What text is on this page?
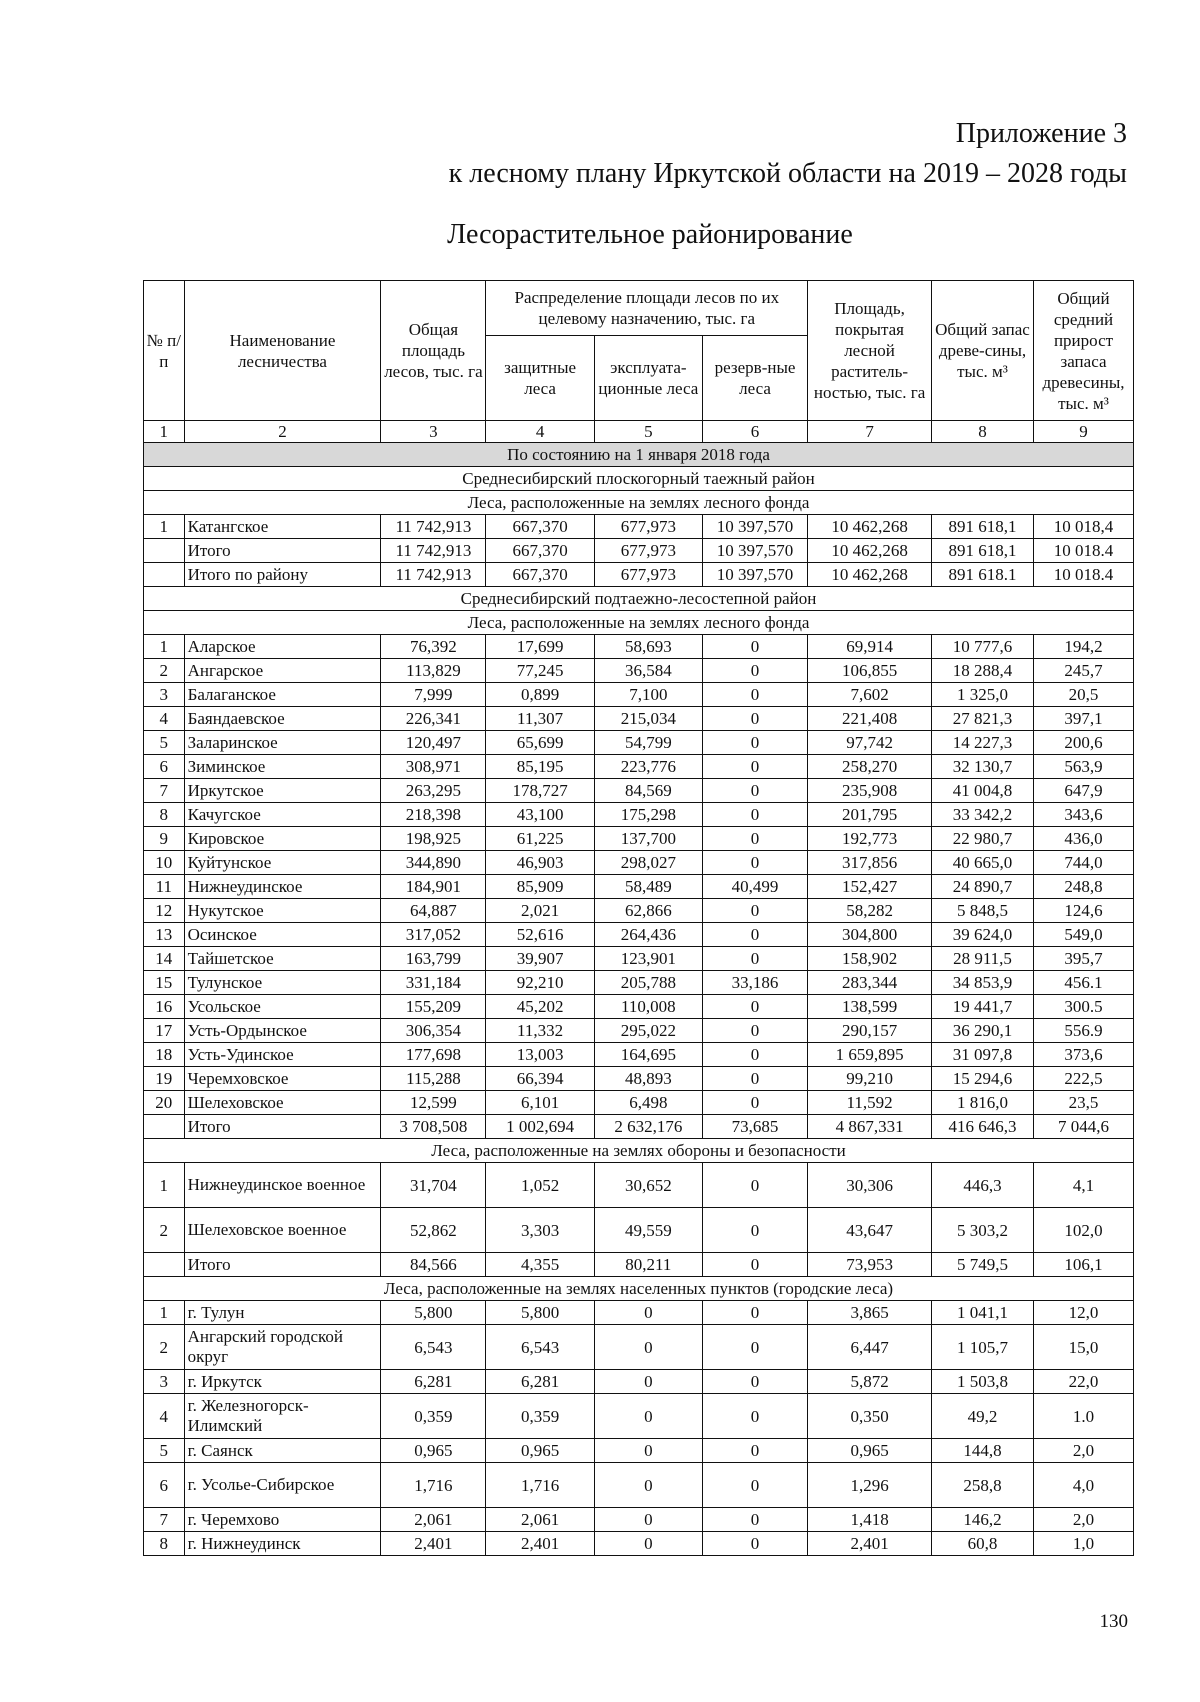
Приложение 3
к лесному плану Иркутской области на 2019 – 2028 годы
Лесорастительное районирование
№ п/п	Наименование лесничества	Общая площадь лесов, тыс. га	Распределение площади лесов по их целевому назначению, тыс. га			Площадь, покрытая лесной раститель-ностью, тыс. га	Общий запас древе-сины, тыс. м³	Общий средний прирост запаса древесины, тыс. м³
			защитные леса	эксплуата-ционные леса	резерв-ные леса			
1	2	3	4	5	6	7	8	9
По состоянию на 1 января 2018 года								
Среднесибирский плоскогорный таежный район								
Леса, расположенные на землях лесного фонда								
1	Катангское	11 742,913	667,370	677,973	10 397,570	10 462,268	891 618,1	10 018,4
	Итого	11 742,913	667,370	677,973	10 397,570	10 462,268	891 618,1	10 018.4
	Итого по району	11 742,913	667,370	677,973	10 397,570	10 462,268	891 618.1	10 018.4
Среднесибирский подтаежно-лесостепной район								
Леса, расположенные на землях лесного фонда								
1	Аларское	76,392	17,699	58,693	0	69,914	10 777,6	194,2
2	Ангарское	113,829	77,245	36,584	0	106,855	18 288,4	245,7
3	Балаганское	7,999	0,899	7,100	0	7,602	1 325,0	20,5
4	Баяндаевское	226,341	11,307	215,034	0	221,408	27 821,3	397,1
5	Заларинское	120,497	65,699	54,799	0	97,742	14 227,3	200,6
6	Зиминское	308,971	85,195	223,776	0	258,270	32 130,7	563,9
7	Иркутское	263,295	178,727	84,569	0	235,908	41 004,8	647,9
8	Качугское	218,398	43,100	175,298	0	201,795	33 342,2	343,6
9	Кировское	198,925	61,225	137,700	0	192,773	22 980,7	436,0
10	Куйтунское	344,890	46,903	298,027	0	317,856	40 665,0	744,0
11	Нижнеудинское	184,901	85,909	58,489	40,499	152,427	24 890,7	248,8
12	Нукутское	64,887	2,021	62,866	0	58,282	5 848,5	124,6
13	Осинское	317,052	52,616	264,436	0	304,800	39 624,0	549,0
14	Тайшетское	163,799	39,907	123,901	0	158,902	28 911,5	395,7
15	Тулунское	331,184	92,210	205,788	33,186	283,344	34 853,9	456.1
16	Усольское	155,209	45,202	110,008	0	138,599	19 441,7	300.5
17	Усть-Ордынское	306,354	11,332	295,022	0	290,157	36 290,1	556.9
18	Усть-Удинское	177,698	13,003	164,695	0	1 659,895	31 097,8	373,6
19	Черемховское	115,288	66,394	48,893	0	99,210	15 294,6	222,5
20	Шелеховское	12,599	6,101	6,498	0	11,592	1 816,0	23,5
	Итого	3 708,508	1 002,694	2 632,176	73,685	4 867,331	416 646,3	7 044,6
Леса, расположенные на землях обороны и безопасности								
1	Нижнеудинское военное	31,704	1,052	30,652	0	30,306	446,3	4,1
2	Шелеховское военное	52,862	3,303	49,559	0	43,647	5 303,2	102,0
	Итого	84,566	4,355	80,211	0	73,953	5 749,5	106,1
Леса, расположенные на землях населенных пунктов (городские леса)								
1	г. Тулун	5,800	5,800	0	0	3,865	1 041,1	12,0
2	Ангарский городской округ	6,543	6,543	0	0	6,447	1 105,7	15,0
3	г. Иркутск	6,281	6,281	0	0	5,872	1 503,8	22,0
4	г. Железногорск-Илимский	0,359	0,359	0	0	0,350	49,2	1.0
5	г. Саянск	0,965	0,965	0	0	0,965	144,8	2,0
6	г. Усолье-Сибирское	1,716	1,716	0	0	1,296	258,8	4,0
7	г. Черемхово	2,061	2,061	0	0	1,418	146,2	2,0
8	г. Нижнеудинск	2,401	2,401	0	0	2,401	60,8	1,0
130
